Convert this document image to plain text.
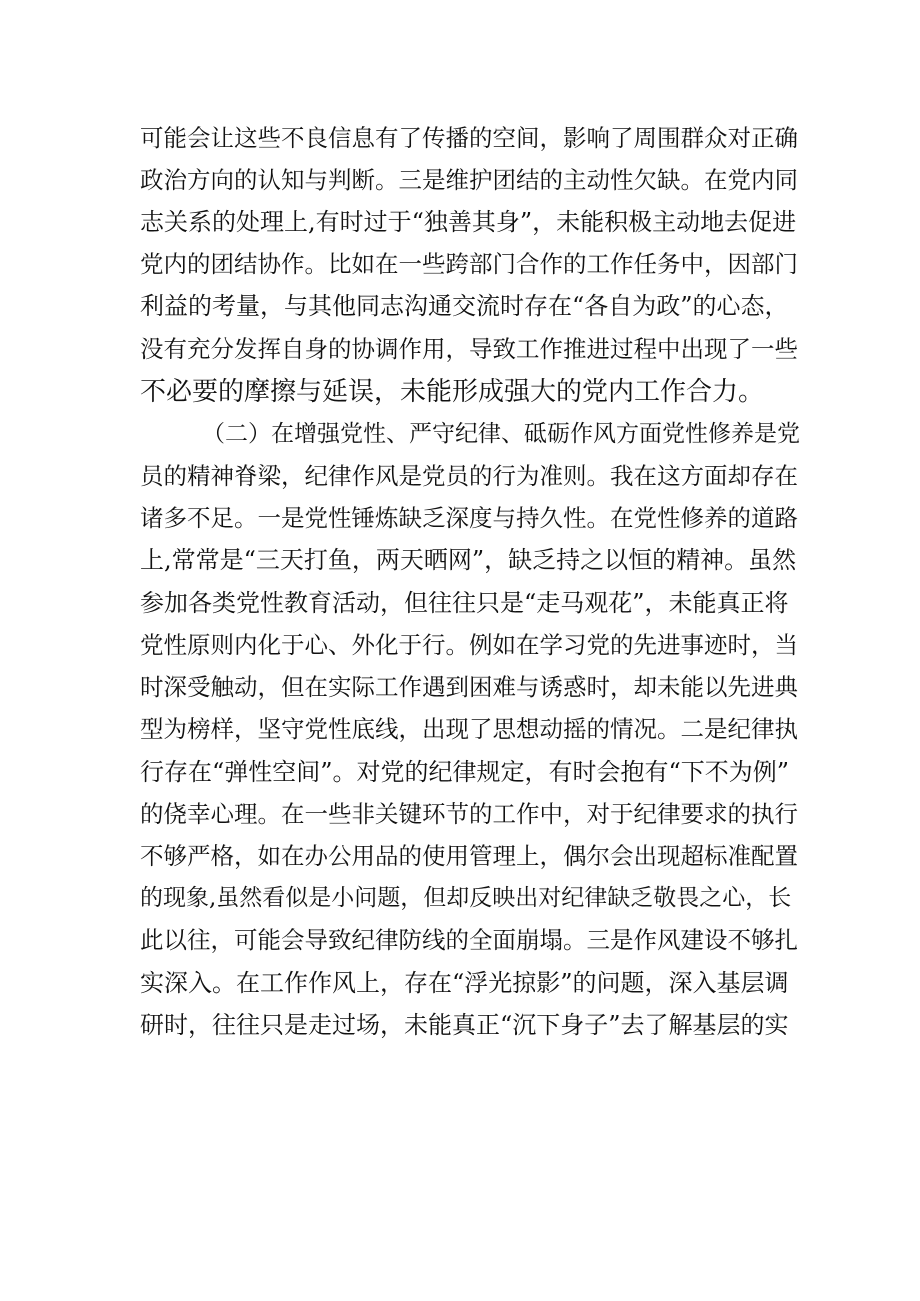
可能会让这些不良信息有了传播的空间，影响了周围群众对正确
政治方向的认知与判断。三是维护团结的主动性欠缺。在党内同
志关系的处理上,有时过于“独善其身”，未能积极主动地去促进
党内的团结协作。比如在一些跨部门合作的工作任务中，因部门
利益的考量，与其他同志沟通交流时存在“各自为政”的心态，
没有充分发挥自身的协调作用，导致工作推进过程中出现了一些
不必要的摩擦与延误，未能形成强大的党内工作合力。
（二）在增强党性、严守纪律、砥砺作风方面党性修养是党
员的精神脊梁，纪律作风是党员的行为准则。我在这方面却存在
诸多不足。一是党性锤炼缺乏深度与持久性。在党性修养的道路
上,常常是“三天打鱼，两天晒网”，缺乏持之以恒的精神。虽然
参加各类党性教育活动，但往往只是“走马观花”，未能真正将
党性原则内化于心、外化于行。例如在学习党的先进事迹时，当
时深受触动，但在实际工作遇到困难与诱惑时，却未能以先进典
型为榜样，坚守党性底线，出现了思想动摇的情况。二是纪律执
行存在“弹性空间”。对党的纪律规定，有时会抱有“下不为例”
的侥幸心理。在一些非关键环节的工作中，对于纪律要求的执行
不够严格，如在办公用品的使用管理上，偶尔会出现超标准配置
的现象,虽然看似是小问题，但却反映出对纪律缺乏敬畏之心，长
此以往，可能会导致纪律防线的全面崩塌。三是作风建设不够扎
实深入。在工作作风上，存在“浮光掠影”的问题，深入基层调
研时，往往只是走过场，未能真正“沉下身子”去了解基层的实
